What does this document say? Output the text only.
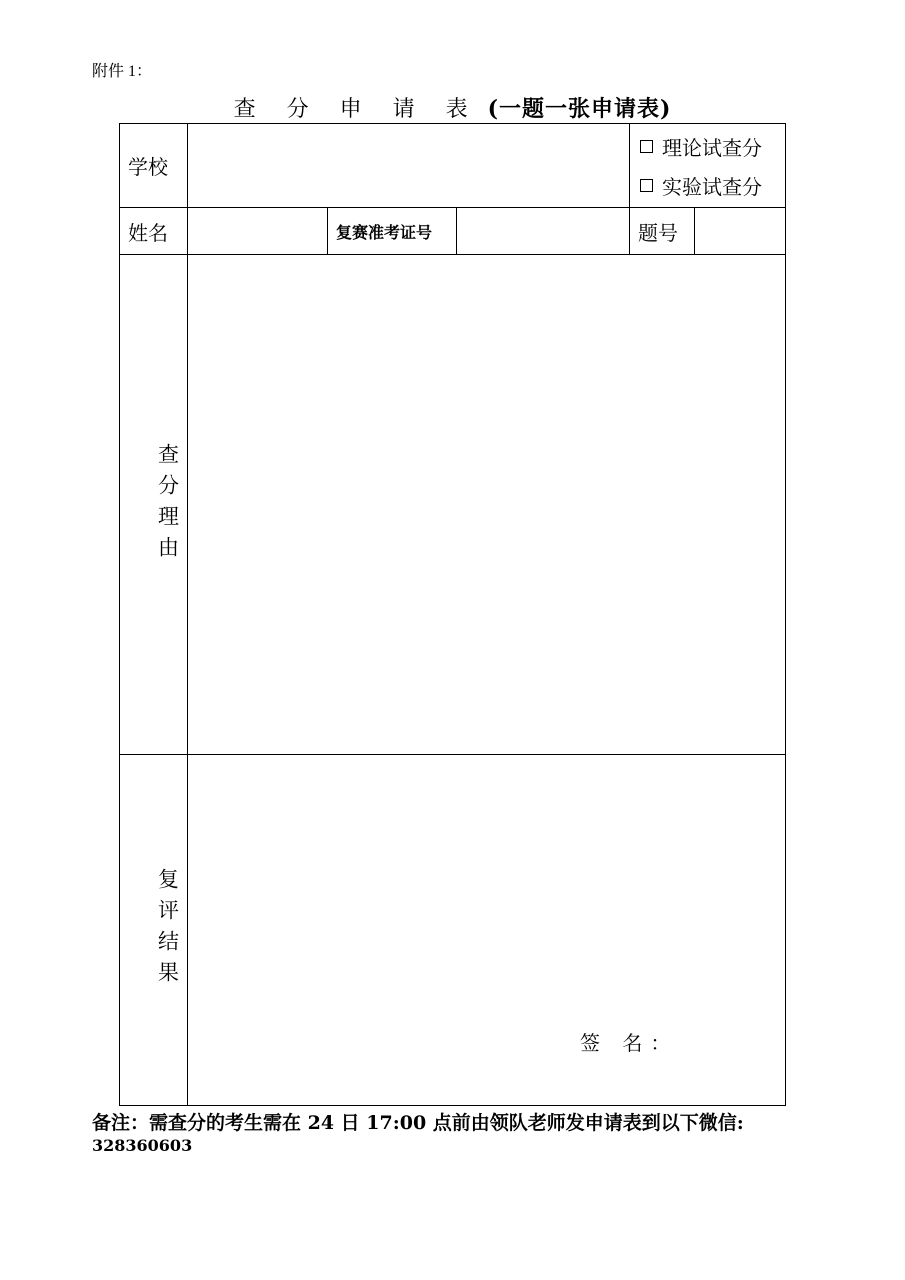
附件 1：
查 分 申 请 表 (一题一张申请表)
学校
理论试查分
实验试查分
姓名	复赛准考证号	题号
查分理由
复评结果
签 名：
备注：需查分的考生需在 24 日 17:00 点前由领队老师发申请表到以下微信:
328360603
